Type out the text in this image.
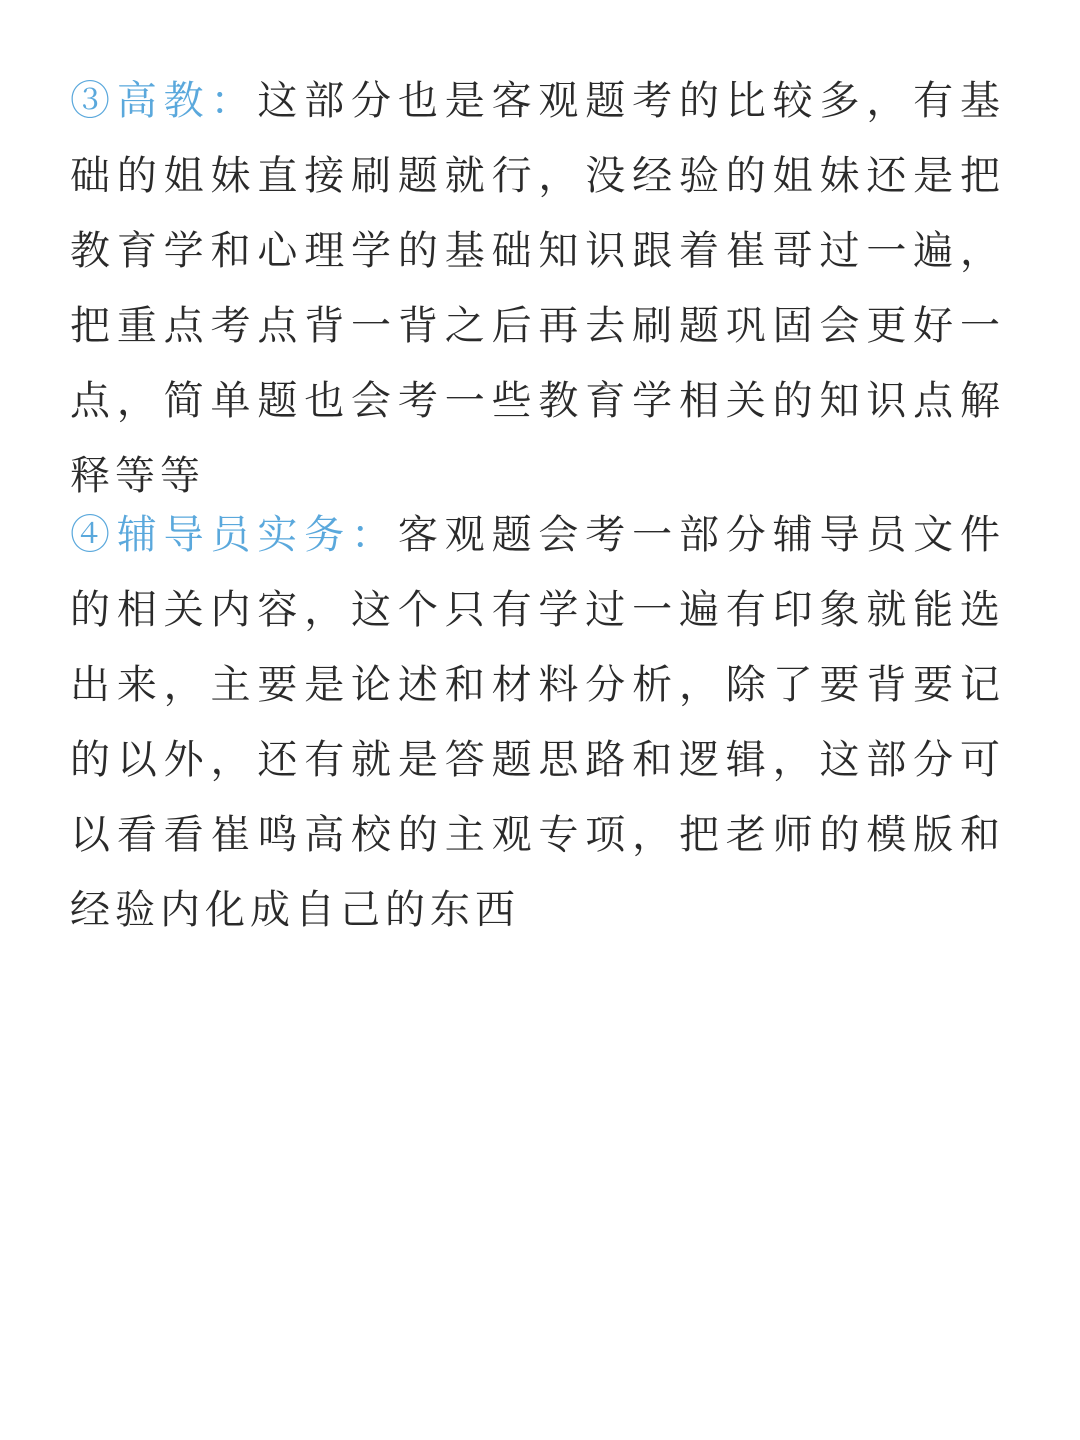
③高教：这部分也是客观题考的比较多，有基础的姐妹直接刷题就行，没经验的姐妹还是把教育学和心理学的基础知识跟着崔哥过一遍，把重点考点背一背之后再去刷题巩固会更好一点，简单题也会考一些教育学相关的知识点解释等等

④辅导员实务：客观题会考一部分辅导员文件的相关内容，这个只有学过一遍有印象就能选出来，主要是论述和材料分析，除了要背要记的以外，还有就是答题思路和逻辑，这部分可以看看崔鸣高校的主观专项，把老师的模版和经验内化成自己的东西
